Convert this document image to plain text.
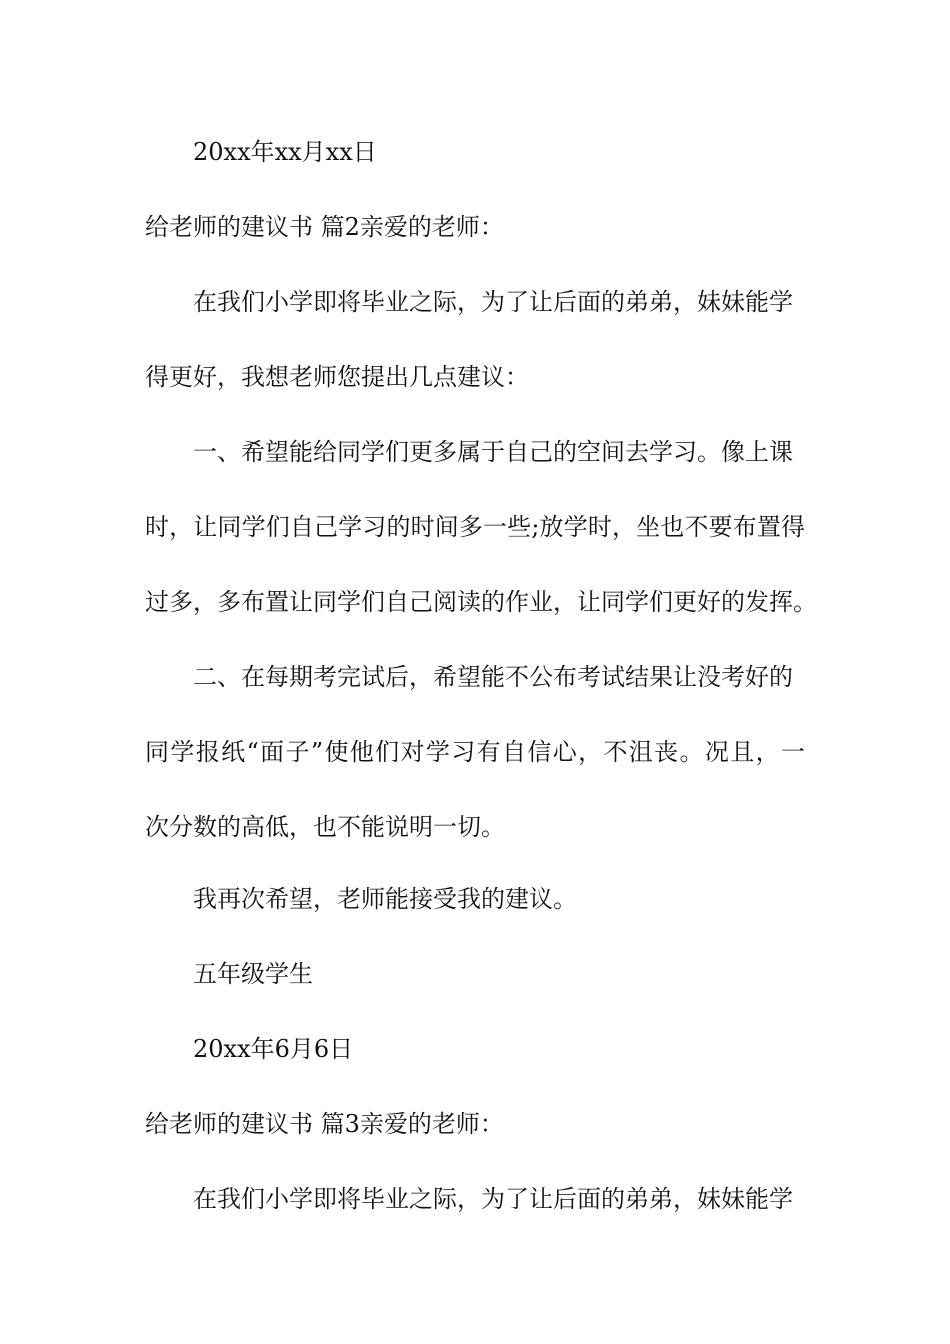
20xx年xx月xx日

给老师的建议书 篇2亲爱的老师：

在我们小学即将毕业之际，为了让后面的弟弟，妹妹能学

得更好，我想老师您提出几点建议：

一、希望能给同学们更多属于自己的空间去学习。像上课

时，让同学们自己学习的时间多一些;放学时，坐也不要布置得

过多，多布置让同学们自己阅读的作业，让同学们更好的发挥。

二、在每期考完试后，希望能不公布考试结果让没考好的

同学报纸“面子”使他们对学习有自信心，不沮丧。况且，一

次分数的高低，也不能说明一切。

我再次希望，老师能接受我的建议。

五年级学生

20xx年6月6日

给老师的建议书 篇3亲爱的老师：

在我们小学即将毕业之际，为了让后面的弟弟，妹妹能学
